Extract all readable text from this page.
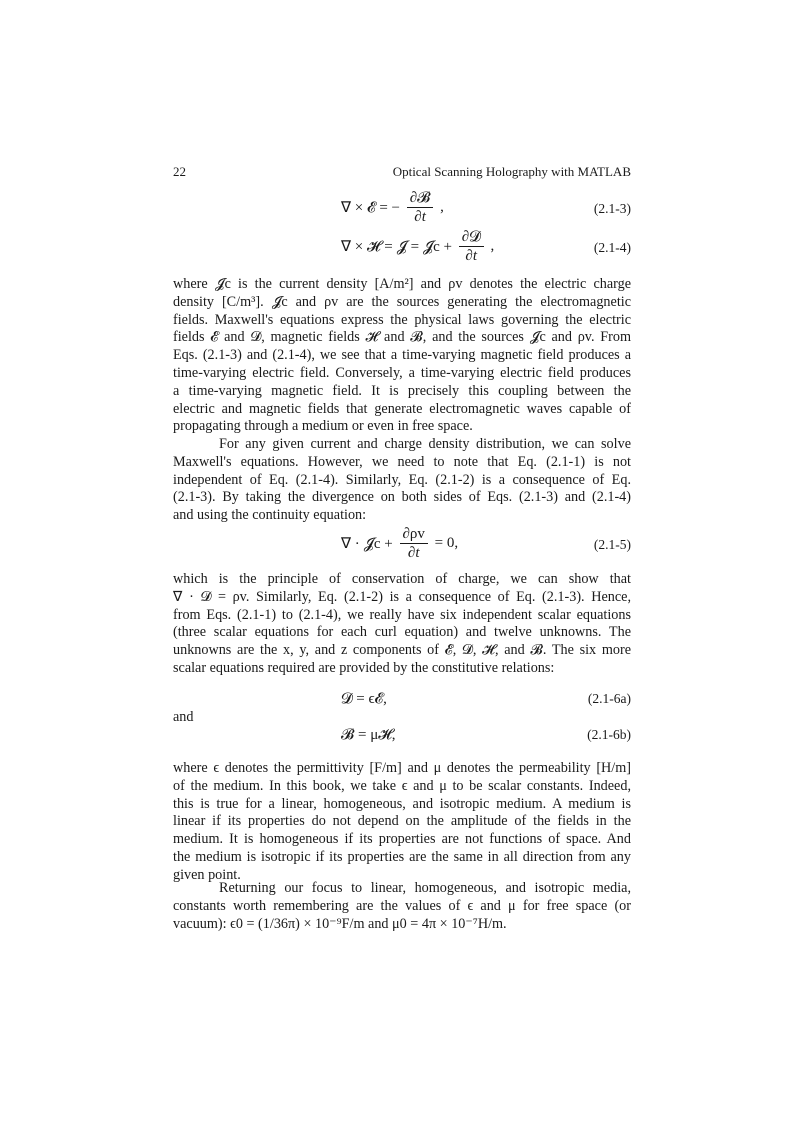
22	Optical Scanning Holography with MATLAB
∇ × 𝓔 = − $\frac{\text{∂𝓑}}{\partial t}$ ,	(2.1-3)
∇ × 𝓗 = 𝓙 = 𝓙c + $\frac{\text{∂𝓓}}{\partial t}$ ,	(2.1-4)
where 𝓙c is the current density [A/m²] and ρv denotes the electric charge
density [C/m³]. 𝓙c and ρv are the sources generating the electromagnetic
fields. Maxwell's equations express the physical laws governing the electric
fields 𝓔 and 𝓓, magnetic fields 𝓗 and 𝓑, and the sources 𝓙c and ρv. From
Eqs. (2.1-3) and (2.1-4), we see that a time-varying magnetic field produces a
time-varying electric field. Conversely, a time-varying electric field produces
a time-varying magnetic field. It is precisely this coupling between the
electric and magnetic fields that generate electromagnetic waves capable of
propagating through a medium or even in free space.
For any given current and charge density distribution, we can solve
Maxwell's equations. However, we need to note that Eq. (2.1-1) is not
independent of Eq. (2.1-4). Similarly, Eq. (2.1-2) is a consequence of Eq.
(2.1-3). By taking the divergence on both sides of Eqs. (2.1-3) and (2.1-4)
and using the continuity equation:
∇ · 𝓙c + $\frac{\partial\rho v}{\partial t} = 0$,	(2.1-5)
which is the principle of conservation of charge, we can show that
∇ · 𝓓 = ρv. Similarly, Eq. (2.1-2) is a consequence of Eq. (2.1-3). Hence,
from Eqs. (2.1-1) to (2.1-4), we really have six independent scalar equations
(three scalar equations for each curl equation) and twelve unknowns. The
unknowns are the x, y, and z components of 𝓔, 𝓓, 𝓗, and 𝓑. The six more
scalar equations required are provided by the constitutive relations:
𝓓 = ϵ𝓔,	(2.1-6a)
and
𝓑 = μ𝓗,	(2.1-6b)
where ϵ denotes the permittivity [F/m] and μ denotes the permeability [H/m]
of the medium. In this book, we take ϵ and μ to be scalar constants. Indeed,
this is true for a linear, homogeneous, and isotropic medium. A medium is
linear if its properties do not depend on the amplitude of the fields in the
medium. It is homogeneous if its properties are not functions of space. And
the medium is isotropic if its properties are the same in all direction from any
given point.
Returning our focus to linear, homogeneous, and isotropic media,
constants worth remembering are the values of ϵ and μ for free space (or
vacuum): ϵ0 = (1/36π) × 10⁻⁹F/m and μ0 = 4π × 10⁻⁷H/m.
